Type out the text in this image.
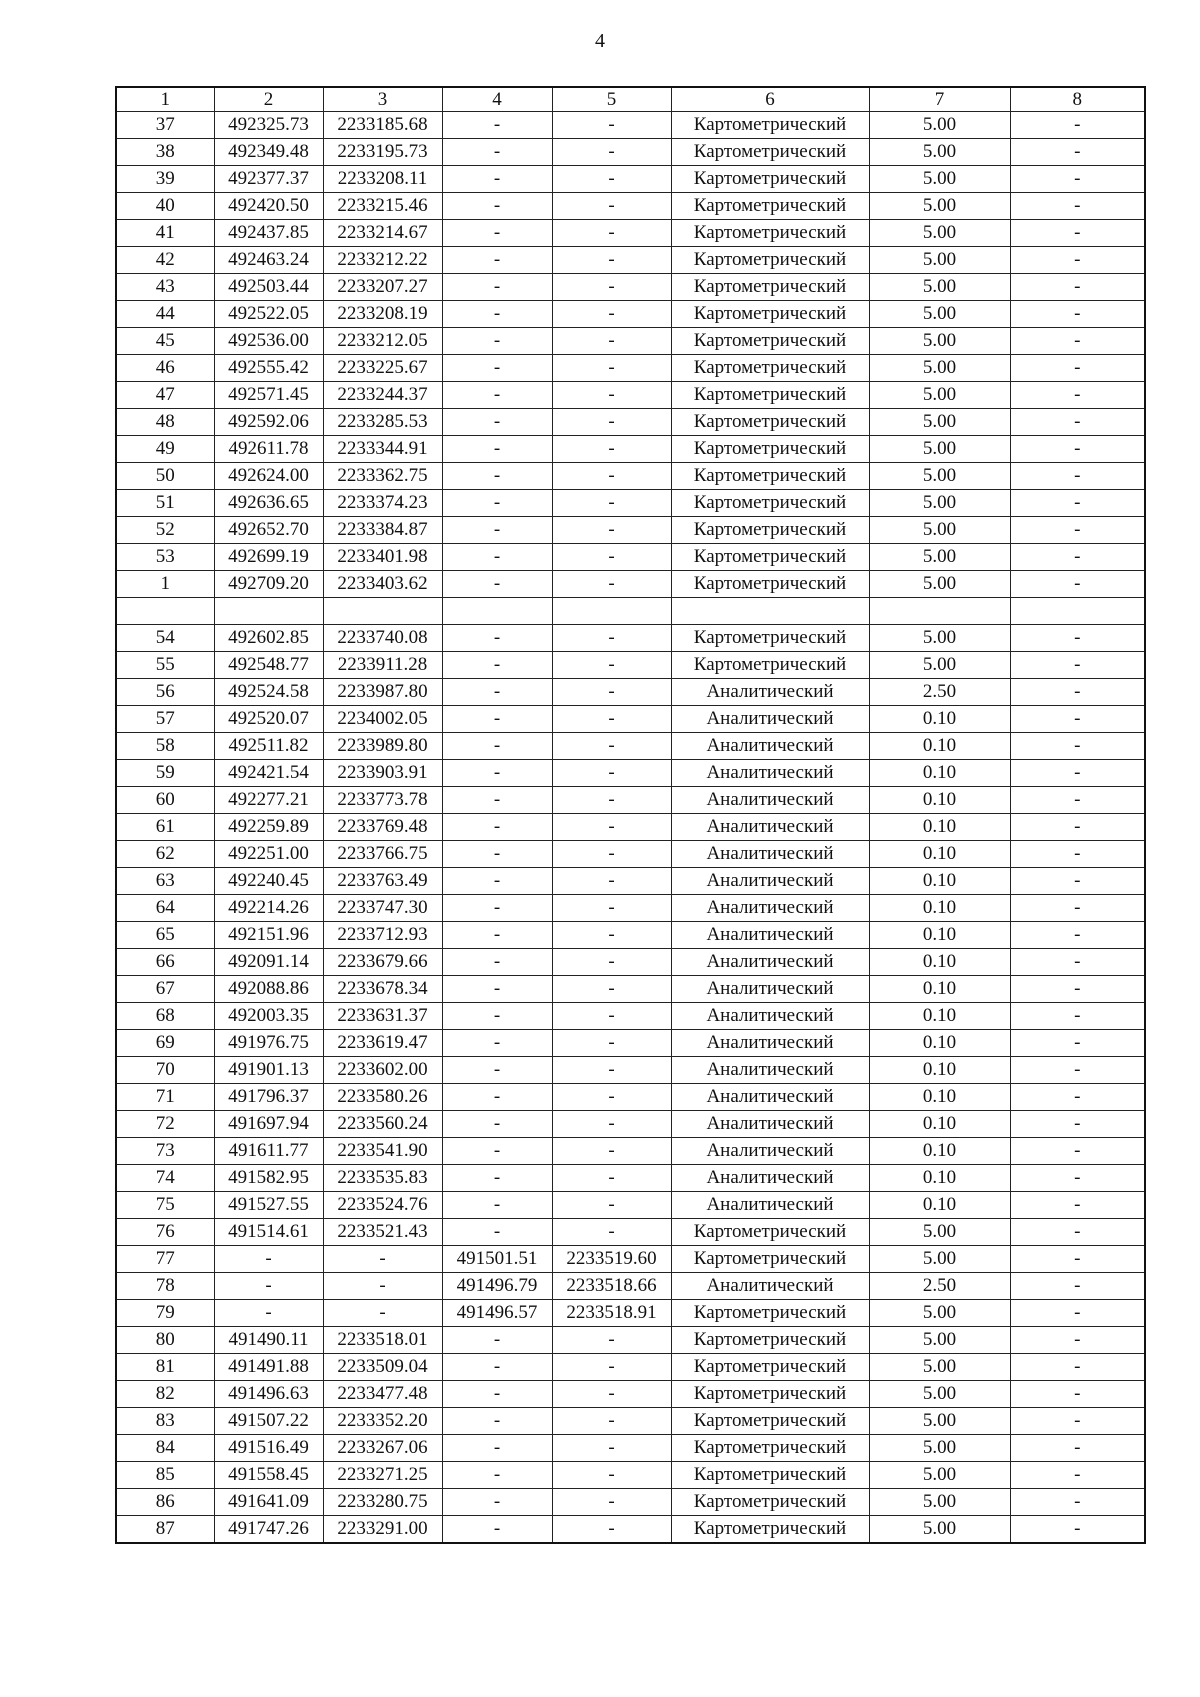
4
1	2	3	4	5	6	7	8
37	492325.73	2233185.68	-	-	Картометрический	5.00	-
38	492349.48	2233195.73	-	-	Картометрический	5.00	-
39	492377.37	2233208.11	-	-	Картометрический	5.00	-
40	492420.50	2233215.46	-	-	Картометрический	5.00	-
41	492437.85	2233214.67	-	-	Картометрический	5.00	-
42	492463.24	2233212.22	-	-	Картометрический	5.00	-
43	492503.44	2233207.27	-	-	Картометрический	5.00	-
44	492522.05	2233208.19	-	-	Картометрический	5.00	-
45	492536.00	2233212.05	-	-	Картометрический	5.00	-
46	492555.42	2233225.67	-	-	Картометрический	5.00	-
47	492571.45	2233244.37	-	-	Картометрический	5.00	-
48	492592.06	2233285.53	-	-	Картометрический	5.00	-
49	492611.78	2233344.91	-	-	Картометрический	5.00	-
50	492624.00	2233362.75	-	-	Картометрический	5.00	-
51	492636.65	2233374.23	-	-	Картометрический	5.00	-
52	492652.70	2233384.87	-	-	Картометрический	5.00	-
53	492699.19	2233401.98	-	-	Картометрический	5.00	-
1	492709.20	2233403.62	-	-	Картометрический	5.00	-

54	492602.85	2233740.08	-	-	Картометрический	5.00	-
55	492548.77	2233911.28	-	-	Картометрический	5.00	-
56	492524.58	2233987.80	-	-	Аналитический	2.50	-
57	492520.07	2234002.05	-	-	Аналитический	0.10	-
58	492511.82	2233989.80	-	-	Аналитический	0.10	-
59	492421.54	2233903.91	-	-	Аналитический	0.10	-
60	492277.21	2233773.78	-	-	Аналитический	0.10	-
61	492259.89	2233769.48	-	-	Аналитический	0.10	-
62	492251.00	2233766.75	-	-	Аналитический	0.10	-
63	492240.45	2233763.49	-	-	Аналитический	0.10	-
64	492214.26	2233747.30	-	-	Аналитический	0.10	-
65	492151.96	2233712.93	-	-	Аналитический	0.10	-
66	492091.14	2233679.66	-	-	Аналитический	0.10	-
67	492088.86	2233678.34	-	-	Аналитический	0.10	-
68	492003.35	2233631.37	-	-	Аналитический	0.10	-
69	491976.75	2233619.47	-	-	Аналитический	0.10	-
70	491901.13	2233602.00	-	-	Аналитический	0.10	-
71	491796.37	2233580.26	-	-	Аналитический	0.10	-
72	491697.94	2233560.24	-	-	Аналитический	0.10	-
73	491611.77	2233541.90	-	-	Аналитический	0.10	-
74	491582.95	2233535.83	-	-	Аналитический	0.10	-
75	491527.55	2233524.76	-	-	Аналитический	0.10	-
76	491514.61	2233521.43	-	-	Картометрический	5.00	-
77	-	-	491501.51	2233519.60	Картометрический	5.00	-
78	-	-	491496.79	2233518.66	Аналитический	2.50	-
79	-	-	491496.57	2233518.91	Картометрический	5.00	-
80	491490.11	2233518.01	-	-	Картометрический	5.00	-
81	491491.88	2233509.04	-	-	Картометрический	5.00	-
82	491496.63	2233477.48	-	-	Картометрический	5.00	-
83	491507.22	2233352.20	-	-	Картометрический	5.00	-
84	491516.49	2233267.06	-	-	Картометрический	5.00	-
85	491558.45	2233271.25	-	-	Картометрический	5.00	-
86	491641.09	2233280.75	-	-	Картометрический	5.00	-
87	491747.26	2233291.00	-	-	Картометрический	5.00	-
